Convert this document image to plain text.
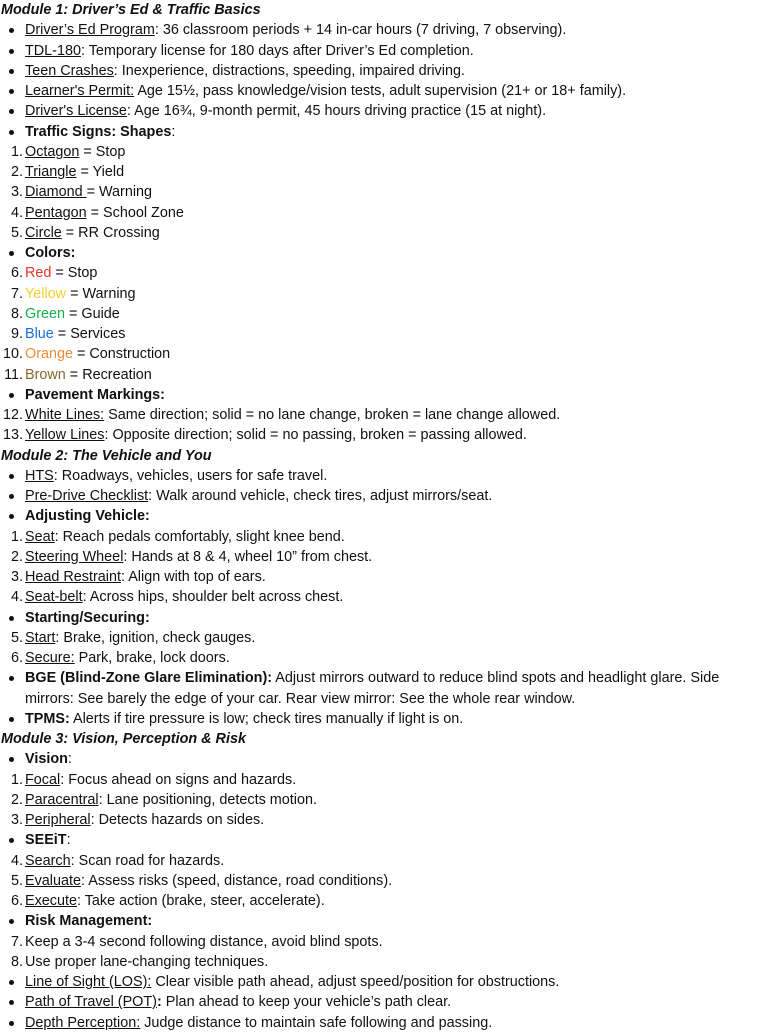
Module 1: Driver’s Ed & Traffic Basics
Driver’s Ed Program: 36 classroom periods + 14 in-car hours (7 driving, 7 observing).
TDL-180: Temporary license for 180 days after Driver’s Ed completion.
Teen Crashes: Inexperience, distractions, speeding, impaired driving.
Learner's Permit: Age 15½, pass knowledge/vision tests, adult supervision (21+ or 18+ family).
Driver's License: Age 16¾, 9-month permit, 45 hours driving practice (15 at night).
Traffic Signs: Shapes:
1. Octagon = Stop
2. Triangle = Yield
3. Diamond = Warning
4. Pentagon = School Zone
5. Circle = RR Crossing
Colors:
6. Red = Stop
7. Yellow = Warning
8. Green = Guide
9. Blue = Services
10. Orange = Construction
11. Brown = Recreation
Pavement Markings:
12. White Lines: Same direction; solid = no lane change, broken = lane change allowed.
13. Yellow Lines: Opposite direction; solid = no passing, broken = passing allowed.
Module 2: The Vehicle and You
HTS: Roadways, vehicles, users for safe travel.
Pre-Drive Checklist: Walk around vehicle, check tires, adjust mirrors/seat.
Adjusting Vehicle:
1. Seat: Reach pedals comfortably, slight knee bend.
2. Steering Wheel: Hands at 8 & 4, wheel 10” from chest.
3. Head Restraint: Align with top of ears.
4. Seat-belt: Across hips, shoulder belt across chest.
Starting/Securing:
5. Start: Brake, ignition, check gauges.
6. Secure: Park, brake, lock doors.
BGE (Blind-Zone Glare Elimination): Adjust mirrors outward to reduce blind spots and headlight glare. Side mirrors: See barely the edge of your car. Rear view mirror: See the whole rear window.
TPMS: Alerts if tire pressure is low; check tires manually if light is on.
Module 3: Vision, Perception & Risk
Vision:
1. Focal: Focus ahead on signs and hazards.
2. Paracentral: Lane positioning, detects motion.
3. Peripheral: Detects hazards on sides.
SEEiT:
4. Search: Scan road for hazards.
5. Evaluate: Assess risks (speed, distance, road conditions).
6. Execute: Take action (brake, steer, accelerate).
Risk Management:
7. Keep a 3-4 second following distance, avoid blind spots.
8. Use proper lane-changing techniques.
Line of Sight (LOS): Clear visible path ahead, adjust speed/position for obstructions.
Path of Travel (POT): Plan ahead to keep your vehicle’s path clear.
Depth Perception: Judge distance to maintain safe following and passing.
